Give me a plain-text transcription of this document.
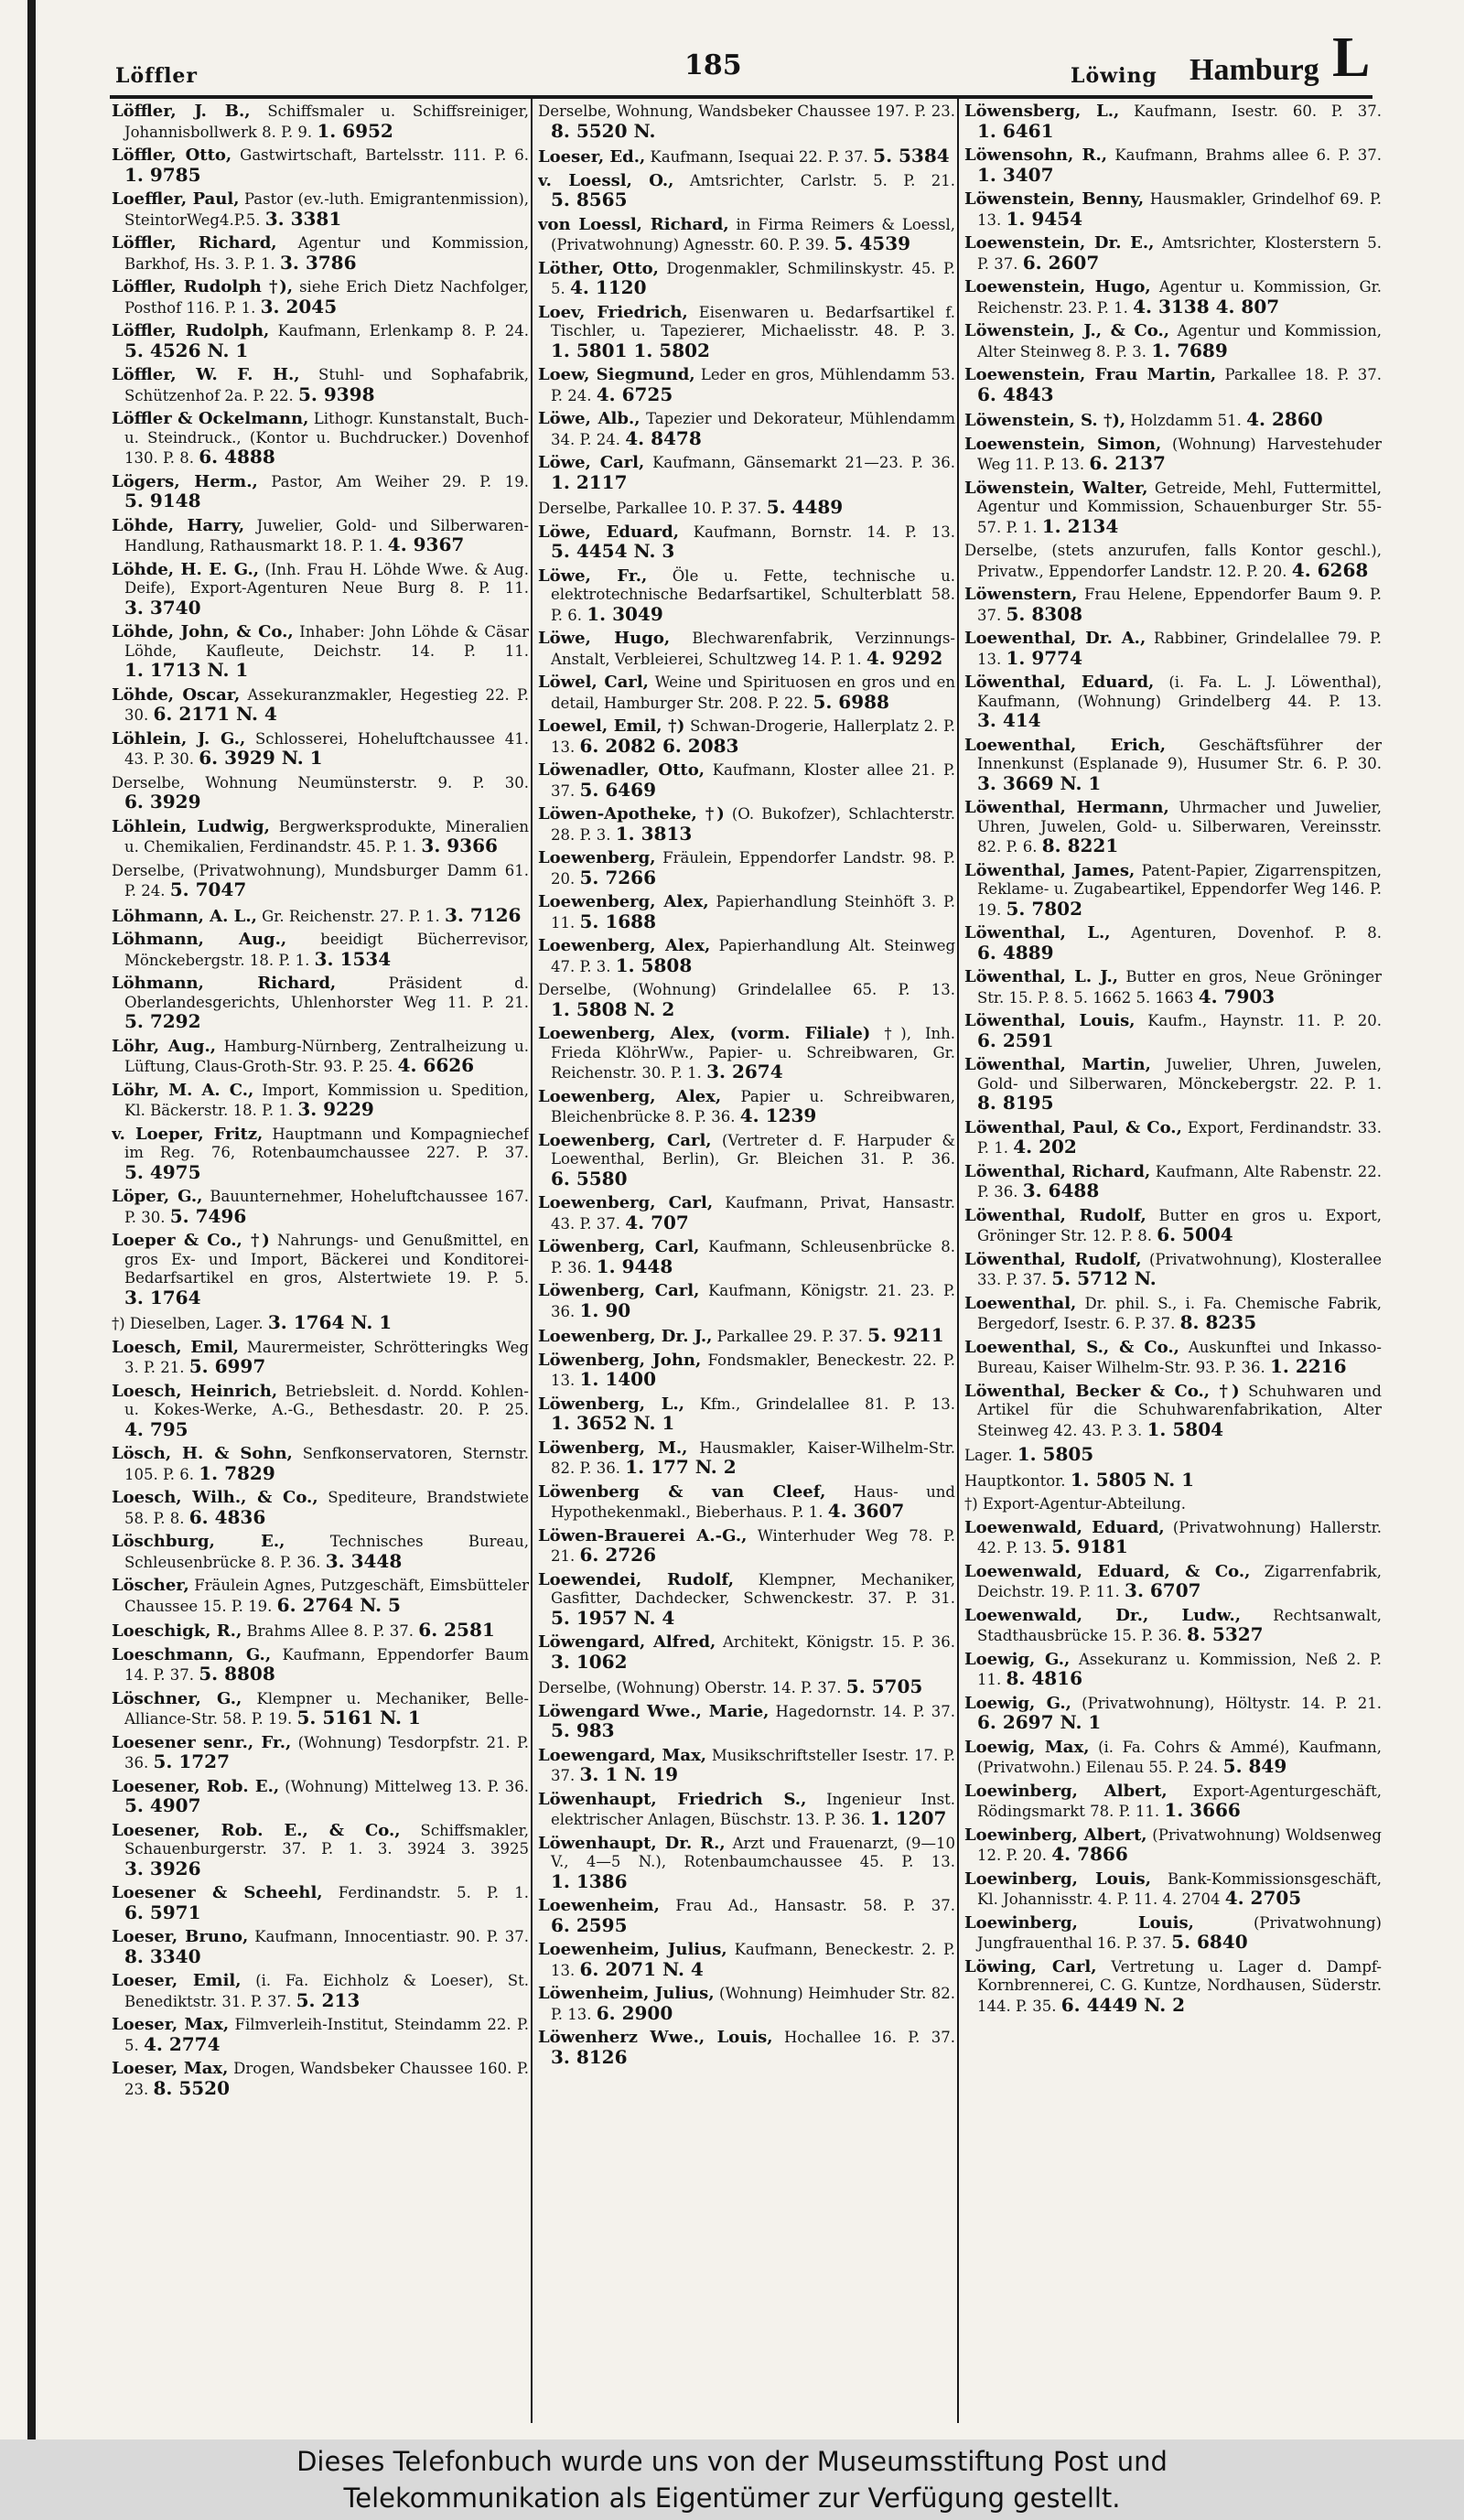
Löffler	185	Löwing Hamburg L
Löffler, J. B., Schiffsmaler u. Schiffsreiniger, Johannisbollwerk 8. P. 9. 1. 6952
Löffler, Otto, Gastwirtschaft, Bartelsstr. 111. P. 6. 1. 9785
Loeffler, Paul, Pastor (ev.-luth. Emigrantenmission), SteintorWeg4.P.5. 3. 3381
Löffler, Richard, Agentur und Kommission, Barkhof, Hs. 3. P. 1. 3. 3786
Löffler, Rudolph †), siehe Erich Dietz Nachfolger, Posthof 116. P. 1. 3. 2045
Löffler, Rudolph, Kaufmann, Erlenkamp 8. P. 24. 5. 4526 N. 1
Löffler, W. F. H., Stuhl- und Sophafabrik, Schützenhof 2a. P. 22. 5. 9398
Löffler & Ockelmann, Lithogr. Kunstanstalt, Buch- u. Steindruck., (Kontor u. Buchdrucker.) Dovenhof 130. P. 8. 6. 4888
Lögers, Herm., Pastor, Am Weiher 29. P. 19. 5. 9148
Löhde, Harry, Juwelier, Gold- und Silberwaren-Handlung, Rathausmarkt 18. P. 1. 4. 9367
Löhde, H. E. G., (Inh. Frau H. Löhde Wwe. & Aug. Deife), Export-Agenturen Neue Burg 8. P. 11. 3. 3740
Löhde, John, & Co., Inhaber: John Löhde & Cäsar Löhde, Kaufleute, Deichstr. 14. P. 11. 1. 1713 N. 1
Löhde, Oscar, Assekuranzmakler, Hegestieg 22. P. 30. 6. 2171 N. 4
Löhlein, J. G., Schlosserei, Hoheluftchaussee 41. 43. P. 30. 6. 3929 N. 1
Derselbe, Wohnung Neumünsterstr. 9. P. 30. 6. 3929
Löhlein, Ludwig, Bergwerksprodukte, Mineralien u. Chemikalien, Ferdinandstr. 45. P. 1. 3. 9366
Derselbe, (Privatwohnung), Mundsburger Damm 61. P. 24. 5. 7047
Löhmann, A. L., Gr. Reichenstr. 27. P. 1. 3. 7126
Löhmann, Aug., beeidigt Bücherrevisor, Mönckebergstr. 18. P. 1. 3. 1534
Löhmann, Richard,	Präsident d. Oberlandesgerichts, Uhlenhorster Weg 11. P. 21. 5. 7292
Löhr, Aug., Hamburg-Nürnberg, Zentralheizung u. Lüftung, Claus-Groth-Str. 93. P. 25. 4. 6626
Löhr, M. A. C., Import, Kommission u. Spedition, Kl. Bäckerstr. 18. P. 1. 3. 9229
v. Loeper, Fritz, Hauptmann und Kompagniechef im Reg. 76, Rotenbaumchaussee 227. P. 37. 5. 4975
Löper, G., Bauunternehmer, Hoheluftchaussee 167. P. 30. 5. 7496
Loeper & Co., †) Nahrungs- und Genußmittel, en gros Ex- und Import, Bäckerei und Konditorei-Bedarfsartikel en gros, Alstertwiete 19. P. 5. 3. 1764
†) Dieselben, Lager. 3. 1764 N. 1
Loesch, Emil, Maurermeister, Schrötteringks Weg 3. P. 21. 5. 6997
Loesch, Heinrich, Betriebsleit. d. Nordd. Kohlen- u. Kokes-Werke, A.-G., Bethesdastr. 20. P. 25. 4. 795
Lösch, H. & Sohn, Senfkonservatoren, Sternstr. 105. P. 6. 1. 7829
Loesch, Wilh., & Co., Spediteure, Brandstwiete 58. P. 8. 6. 4836
Löschburg, E.,	Technisches Bureau, Schleusenbrücke 8. P. 36. 3. 3448
Löscher, Fräulein Agnes, Putzgeschäft, Eimsbütteler Chaussee 15. P. 19. 6. 2764 N. 5
Loeschigk, R., Brahms Allee 8. P. 37. 6. 2581
Loeschmann, G., Kaufmann, Eppendorfer Baum 14. P. 37. 5. 8808
Löschner, G., Klempner u. Mechaniker, Belle-Alliance-Str. 58. P. 19. 5. 5161 N. 1
Loesener senr., Fr., (Wohnung) Tesdorpfstr. 21. P. 36. 5. 1727
Loesener, Rob. E., (Wohnung) Mittelweg 13. P. 36. 5. 4907
Loesener, Rob. E., & Co., Schiffsmakler, Schauenburgerstr. 37. P. 1. 3. 3924 3. 3925 3. 3926
Loesener & Scheehl, Ferdinandstr. 5. P. 1. 6. 5971
Loeser, Bruno, Kaufmann, Innocentiastr. 90. P. 37. 8. 3340
Loeser, Emil, (i. Fa. Eichholz & Loeser), St. Benediktstr. 31. P. 37. 5. 213
Loeser, Max, Filmverleih-Institut, Steindamm 22. P. 5. 4. 2774
Loeser, Max, Drogen, Wandsbeker Chaussee 160. P. 23. 8. 5520
Derselbe, Wohnung, Wandsbeker Chaussee 197. P. 23. 8. 5520 N.
Loeser, Ed., Kaufmann, Isequai 22. P. 37. 5. 5384
v. Loessl, O., Amtsrichter, Carlstr. 5. P. 21. 5. 8565
von Loessl, Richard, in Firma Reimers & Loessl, (Privatwohnung) Agnesstr. 60. P. 39. 5. 4539
Löther, Otto, Drogenmakler, Schmilinskystr. 45. P. 5. 4. 1120
Loev, Friedrich, Eisenwaren u. Bedarfsartikel f. Tischler, u. Tapezierer, Michaelisstr. 48. P. 3. 1. 5801 1. 5802
Loew, Siegmund, Leder en gros, Mühlendamm 53. P. 24. 4. 6725
Löwe, Alb., Tapezier und Dekorateur, Mühlendamm 34. P. 24. 4. 8478
Löwe, Carl, Kaufmann, Gänsemarkt 21—23. P. 36. 1. 2117
Derselbe, Parkallee 10. P. 37. 5. 4489
Löwe, Eduard, Kaufmann, Bornstr. 14. P. 13. 5. 4454 N. 3
Löwe, Fr., Öle u. Fette, technische u. elektrotechnische Bedarfsartikel, Schulterblatt 58. P. 6. 1. 3049
Löwe, Hugo, Blechwarenfabrik, Verzinnungs-Anstalt, Verbleierei, Schultzweg 14. P. 1. 4. 9292
Löwel, Carl, Weine und Spirituosen en gros und en detail, Hamburger Str. 208. P. 22. 5. 6988
Loewel, Emil, †) Schwan-Drogerie, Hallerplatz 2. P. 13. 6. 2082 6. 2083
Löwenadler, Otto, Kaufmann, Kloster allee 21. P. 37. 5. 6469
Löwen-Apotheke, †) (O. Bukofzer), Schlachterstr. 28. P. 3. 1. 3813
Loewenberg, Fräulein, Eppendorfer Landstr. 98. P. 20. 5. 7266
Loewenberg, Alex, Papierhandlung Steinhöft 3. P. 11. 5. 1688
Loewenberg, Alex, Papierhandlung Alt. Steinweg 47. P. 3. 1. 5808
Derselbe, (Wohnung) Grindelallee 65. P. 13. 1. 5808 N. 2
Loewenberg, Alex, (vorm. Filiale) †), Inh. Frieda KlöhrWw., Papier- u. Schreibwaren, Gr. Reichenstr. 30. P. 1. 3. 2674
Loewenberg, Alex, Papier u. Schreibwaren, Bleichenbrücke 8. P. 36. 4. 1239
Loewenberg, Carl, (Vertreter d. F. Harpuder & Loewenthal, Berlin), Gr. Bleichen 31. P. 36. 6. 5580
Loewenberg, Carl, Kaufmann, Privat, Hansastr. 43. P. 37. 4. 707
Löwenberg, Carl, Kaufmann, Schleusenbrücke 8. P. 36. 1. 9448
Löwenberg, Carl, Kaufmann, Königstr. 21. 23. P. 36. 1. 90
Loewenberg, Dr. J., Parkallee 29. P. 37. 5. 9211
Löwenberg, John, Fondsmakler, Beneckestr. 22. P. 13. 1. 1400
Löwenberg, L., Kfm., Grindelallee 81. P. 13. 1. 3652 N. 1
Löwenberg, M., Hausmakler, Kaiser-Wilhelm-Str. 82. P. 36. 1. 177 N. 2
Löwenberg & van Cleef, Haus- und Hypothekenmakl., Bieberhaus. P. 1. 4. 3607
Löwen-Brauerei A.-G., Winterhuder Weg 78. P. 21. 6. 2726
Loewendei, Rudolf, Klempner, Mechaniker, Gasfitter, Dachdecker, Schwenckestr. 37. P. 31. 5. 1957 N. 4
Löwengard, Alfred, Architekt, Königstr. 15. P. 36. 3. 1062
Derselbe, (Wohnung) Oberstr. 14. P. 37. 5. 5705
Löwengard Wwe., Marie, Hagedornstr. 14. P. 37. 5. 983
Loewengard, Max, Musikschriftsteller Isestr. 17. P. 37. 3. 1 N. 19
Löwenhaupt, Friedrich S., Ingenieur Inst. elektrischer Anlagen, Büschstr. 13. P. 36. 1. 1207
Löwenhaupt, Dr. R., Arzt und Frauenarzt, (9—10 V., 4—5 N.), Rotenbaumchaussee 45. P. 13. 1. 1386
Loewenheim, Frau Ad., Hansastr. 58. P. 37. 6. 2595
Loewenheim, Julius, Kaufmann, Beneckestr. 2. P. 13. 6. 2071 N. 4
Löwenheim, Julius, (Wohnung) Heimhuder Str. 82. P. 13. 6. 2900
Löwenherz Wwe., Louis, Hochallee 16. P. 37. 3. 8126
Löwensberg, L., Kaufmann, Isestr. 60. P. 37. 1. 6461
Löwensohn, R., Kaufmann, Brahms allee 6. P. 37. 1. 3407
Löwenstein, Benny, Hausmakler, Grindelhof 69. P. 13. 1. 9454
Loewenstein, Dr. E., Amtsrichter, Klosterstern 5. P. 37. 6. 2607
Loewenstein, Hugo, Agentur u. Kommission, Gr. Reichenstr. 23. P. 1. 4. 3138 4. 807
Löwenstein, J., & Co., Agentur und Kommission, Alter Steinweg 8. P. 3. 1. 7689
Loewenstein, Frau Martin, Parkallee 18. P. 37. 6. 4843
Löwenstein, S. †), Holzdamm 51. 4. 2860
Loewenstein, Simon, (Wohnung) Harvestehuder Weg 11. P. 13. 6. 2137
Löwenstein, Walter, Getreide, Mehl, Futtermittel, Agentur und Kommission, Schauenburger Str. 55-57. P. 1. 1. 2134
Derselbe, (stets anzurufen, falls Kontor geschl.), Privatw., Eppendorfer Landstr. 12. P. 20. 4. 6268
Löwenstern, Frau Helene, Eppendorfer Baum 9. P. 37. 5. 8308
Loewenthal, Dr. A., Rabbiner, Grindelallee 79. P. 13. 1. 9774
Löwenthal, Eduard, (i. Fa. L. J. Löwenthal), Kaufmann, (Wohnung) Grindelberg 44. P. 13. 3. 414
Loewenthal, Erich, Geschäftsführer der Innenkunst (Esplanade 9), Husumer Str. 6. P. 30. 3. 3669 N. 1
Löwenthal, Hermann, Uhrmacher und Juwelier, Uhren, Juwelen, Gold- u. Silberwaren, Vereinsstr. 82. P. 6. 8. 8221
Löwenthal, James, Patent-Papier, Zigarrenspitzen, Reklame- u. Zugabeartikel, Eppendorfer Weg 146. P. 19. 5. 7802
Löwenthal, L., Agenturen, Dovenhof. P. 8. 6. 4889
Löwenthal, L. J., Butter en gros, Neue Gröninger Str. 15. P. 8. 5. 1662 5. 1663 4. 7903
Löwenthal, Louis, Kaufm., Haynstr. 11. P. 20. 6. 2591
Löwenthal, Martin, Juwelier, Uhren, Juwelen, Gold- und Silberwaren, Mönckebergstr. 22. P. 1. 8. 8195
Löwenthal, Paul, & Co., Export, Ferdinandstr. 33. P. 1. 4. 202
Löwenthal, Richard, Kaufmann, Alte Rabenstr. 22. P. 36. 3. 6488
Löwenthal, Rudolf, Butter en gros u. Export, Gröninger Str. 12. P. 8. 6. 5004
Löwenthal, Rudolf, (Privatwohnung), Klosterallee 33. P. 37. 5. 5712 N.
Loewenthal, Dr. phil. S., i. Fa. Chemische Fabrik, Bergedorf, Isestr. 6. P. 37. 8. 8235
Loewenthal, S., & Co., Auskunftei und Inkasso-Bureau, Kaiser Wilhelm-Str. 93. P. 36. 1. 2216
Löwenthal, Becker & Co., †) Schuhwaren und Artikel für die Schuhwarenfabrikation, Alter Steinweg 42. 43. P. 3. 1. 5804
Lager. 1. 5805
Hauptkontor. 1. 5805 N. 1
†) Export-Agentur-Abteilung.
Loewenwald, Eduard, (Privatwohnung) Hallerstr. 42. P. 13. 5. 9181
Loewenwald, Eduard, & Co., Zigarrenfabrik, Deichstr. 19. P. 11. 3. 6707
Loewenwald, Dr., Ludw., Rechtsanwalt, Stadthausbrücke 15. P. 36. 8. 5327
Loewig, G., Assekuranz u. Kommission, Neß 2. P. 11. 8. 4816
Loewig, G., (Privatwohnung), Höltystr. 14. P. 21. 6. 2697 N. 1
Loewig, Max, (i. Fa. Cohrs & Ammé), Kaufmann, (Privatwohn.) Eilenau 55. P. 24. 5. 849
Loewinberg, Albert, Export-Agenturgeschäft, Rödingsmarkt 78. P. 11. 1. 3666
Loewinberg, Albert, (Privatwohnung) Woldsenweg 12. P. 20. 4. 7866
Loewinberg, Louis, Bank-Kommissionsgeschäft, Kl. Johannisstr. 4. P. 11. 4. 2704 4. 2705
Loewinberg, Louis,	(Privatwohnung) Jungfrauenthal 16. P. 37. 5. 6840
Löwing, Carl, Vertretung u. Lager d. Dampf-Kornbrennerei, C. G. Kuntze, Nordhausen, Süderstr. 144. P. 35. 6. 4449 N. 2
Dieses Telefonbuch wurde uns von der Museumsstiftung Post und
Telekommunikation als Eigentümer zur Verfügung gestellt.
